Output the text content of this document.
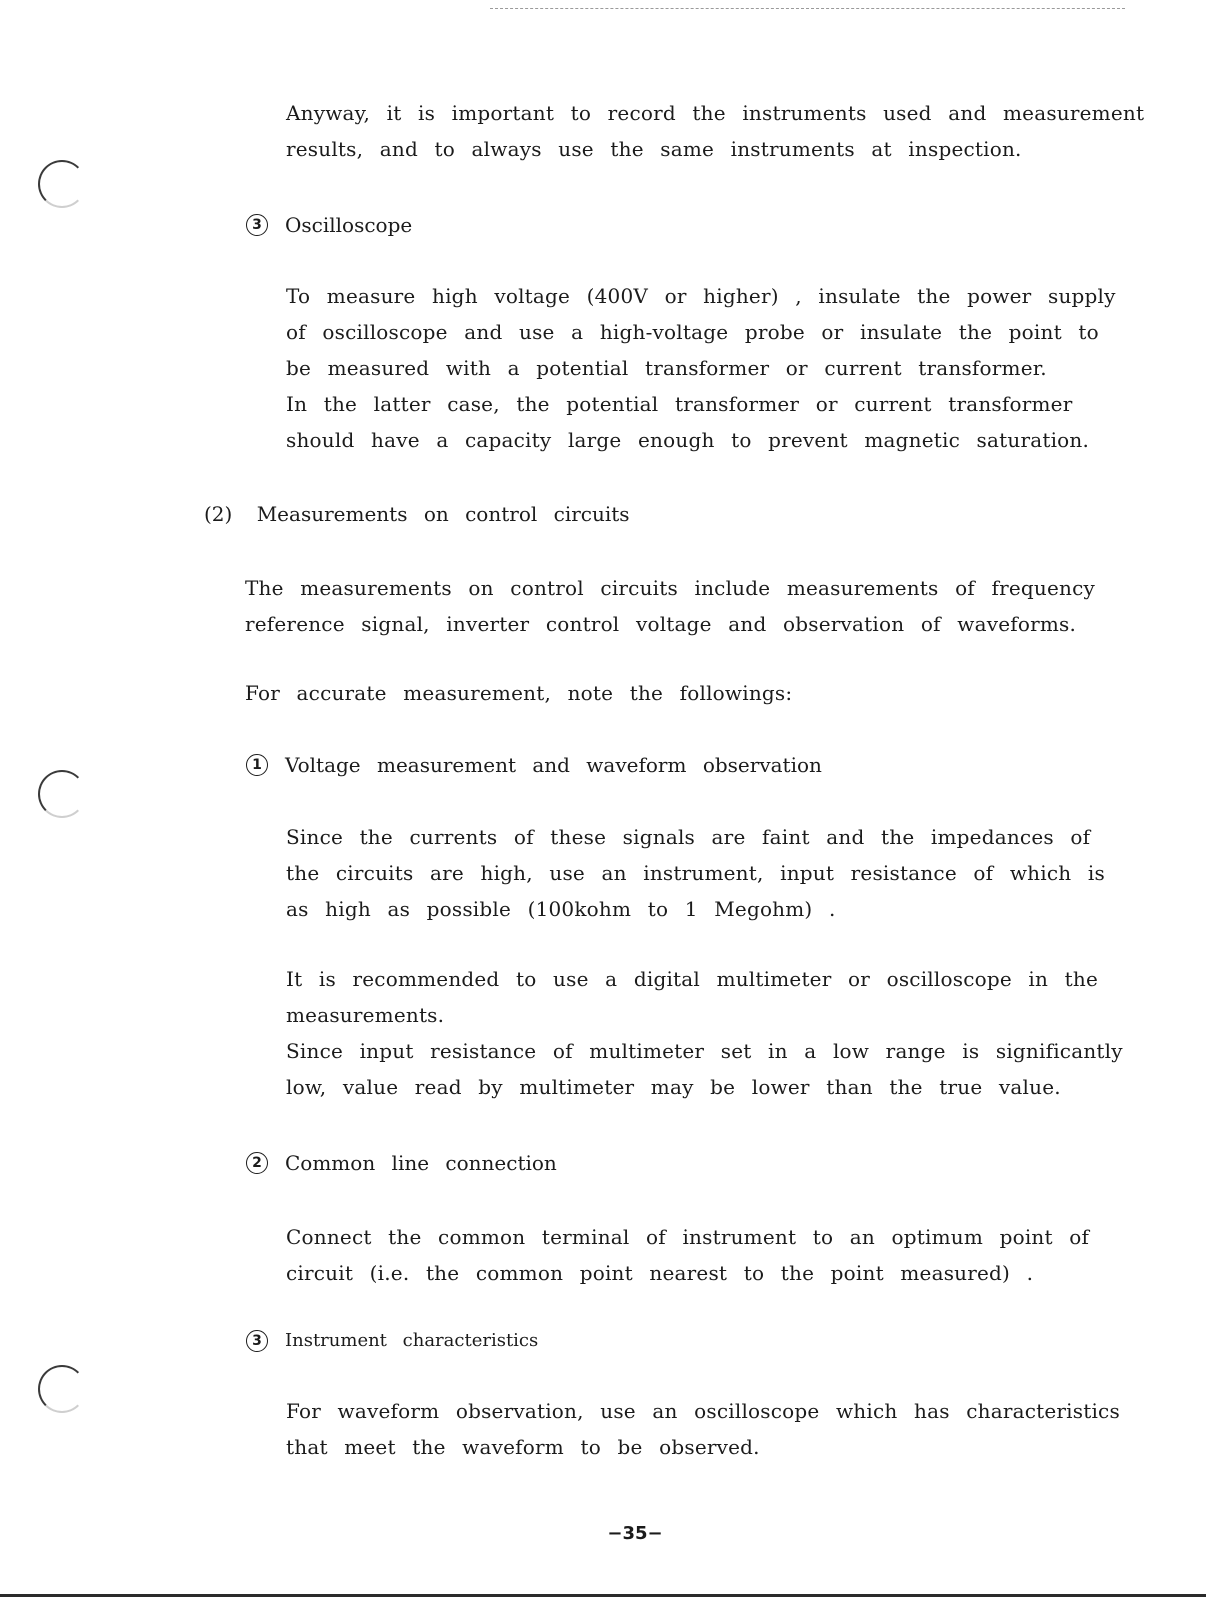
Anyway, it is important to record the instruments used and measurement
results, and to always use the same instruments at inspection.
3	Oscilloscope
To measure high voltage (400V or higher) , insulate the power supply
of oscilloscope and use a high-voltage probe or insulate the point to
be measured with a potential transformer or current transformer.
In the latter case, the potential transformer or current transformer
should have a capacity large enough to prevent magnetic saturation.
(2) Measurements on control circuits
The measurements on control circuits include measurements of frequency
reference signal, inverter control voltage and observation of waveforms.
For accurate measurement, note the followings:
1	Voltage measurement and waveform observation
Since the currents of these signals are faint and the impedances of
the circuits are high, use an instrument, input resistance of which is
as high as possible (100kohm to 1 Megohm) .
It is recommended to use a digital multimeter or oscilloscope in the
measurements.
Since input resistance of multimeter set in a low range is significantly
low, value read by multimeter may be lower than the true value.
2	Common line connection
Connect the common terminal of instrument to an optimum point of
circuit (i.e. the common point nearest to the point measured) .
3	Instrument characteristics
For waveform observation, use an oscilloscope which has characteristics
that meet the waveform to be observed.
−35−
